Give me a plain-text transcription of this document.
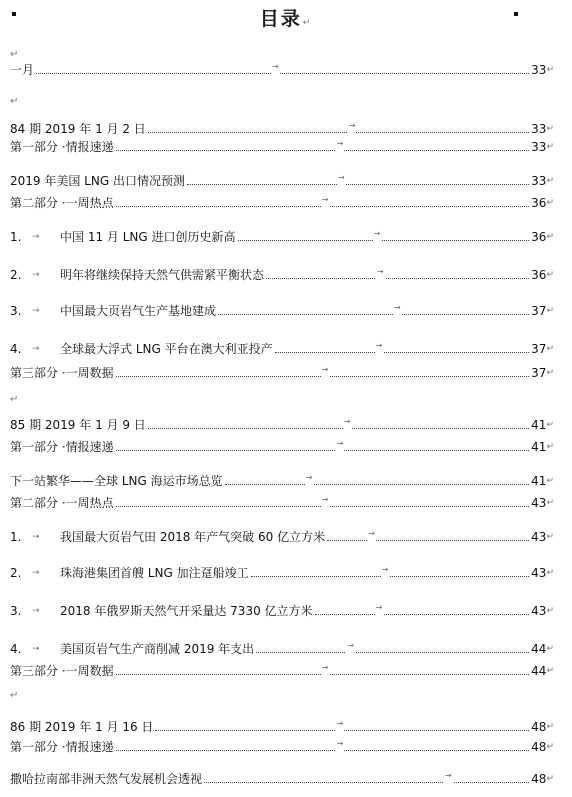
目录↵
↵
↵
↵
↵
一月	→	33 ↵
84 期 2019 年 1 月 2 日	→	33 ↵
第一部分 ·情报速递	→	33 ↵
2019 年美国 LNG 出口情况预测	→	33 ↵
第二部分 ·一周热点	→	36 ↵
1.	→	中国 11 月 LNG 进口创历史新高	→	36 ↵
2.	→	明年将继续保持天然气供需紧平衡状态	→	36 ↵
3.	→	中国最大页岩气生产基地建成	→	37 ↵
4.	→	全球最大浮式 LNG 平台在澳大利亚投产	→	37 ↵
第三部分 ·一周数据	→	37 ↵
85 期 2019 年 1 月 9 日	→	41 ↵
第一部分 ·情报速递	→	41 ↵
下一站繁华——全球 LNG 海运市场总览	→	41 ↵
第二部分 ·一周热点	→	43 ↵
1.	→	我国最大页岩气田 2018 年产气突破 60 亿立方米	→	43 ↵
2.	→	珠海港集团首艘 LNG 加注趸船竣工	→	43 ↵
3.	→	2018 年俄罗斯天然气开采量达 7330 亿立方米	→	43 ↵
4.	→	美国页岩气生产商削减 2019 年支出	→	44 ↵
第三部分 ·一周数据	→	44 ↵
86 期 2019 年 1 月 16 日	→	48 ↵
第一部分 ·情报速递	→	48 ↵
撒哈拉南部非洲天然气发展机会透视	→	48 ↵
